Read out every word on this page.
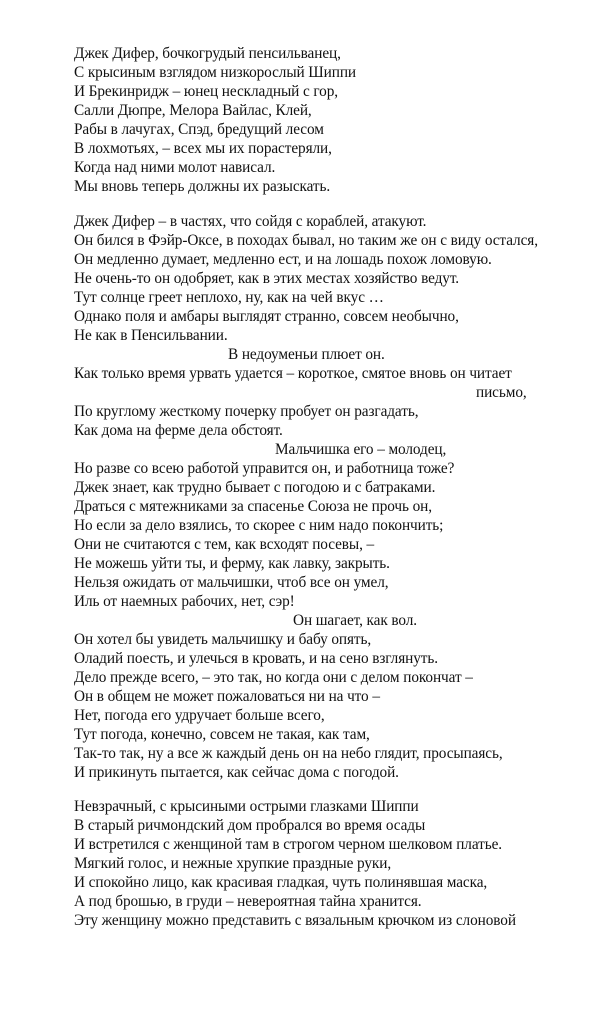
Джек Дифер, бочкогрудый пенсильванец,
С крысиным взглядом низкорослый Шиппи
И Брекинридж – юнец нескладный с гор,
Салли Дюпре, Мелора Вайлас, Клей,
Рабы в лачугах, Спэд, бредущий лесом
В лохмотьях, – всех мы их порастеряли,
Когда над ними молот нависал.
Мы вновь теперь должны их разыскать.
Джек Дифер – в частях, что сойдя с кораблей, атакуют.
Он бился в Фэйр-Оксе, в походах бывал, но таким же он с виду остался,
Он медленно думает, медленно ест, и на лошадь похож ломовую.
Не очень-то он одобряет, как в этих местах хозяйство ведут.
Тут солнце греет неплохо, ну, как на чей вкус …
Однако поля и амбары выглядят странно, совсем необычно,
Не как в Пенсильвании.
В недоуменьи плюет он.
Как только время урвать удается – короткое, смятое вновь он читает
письмо,
По круглому жесткому почерку пробует он разгадать,
Как дома на ферме дела обстоят.
Мальчишка его – молодец,
Но разве со всею работой управится он, и работница тоже?
Джек знает, как трудно бывает с погодою и с батраками.
Драться с мятежниками за спасенье Союза не прочь он,
Но если за дело взялись, то скорее с ним надо покончить;
Они не считаются с тем, как всходят посевы, –
Не можешь уйти ты, и ферму, как лавку, закрыть.
Нельзя ожидать от мальчишки, чтоб все он умел,
Иль от наемных рабочих, нет, сэр!
Он шагает, как вол.
Он хотел бы увидеть мальчишку и бабу опять,
Оладий поесть, и улечься в кровать, и на сено взглянуть.
Дело прежде всего, – это так, но когда они с делом покончат –
Он в общем не может пожаловаться ни на что –
Нет, погода его удручает больше всего,
Тут погода, конечно, совсем не такая, как там,
Так-то так, ну а все ж каждый день он на небо глядит, просыпаясь,
И прикинуть пытается, как сейчас дома с погодой.
Невзрачный, с крысиными острыми глазками Шиппи
В старый ричмондский дом пробрался во время осады
И встретился с женщиной там в строгом черном шелковом платье.
Мягкий голос, и нежные хрупкие праздные руки,
И спокойно лицо, как красивая гладкая, чуть полинявшая маска,
А под брошью, в груди – невероятная тайна хранится.
Эту женщину можно представить с вязальным крючком из слоновой
